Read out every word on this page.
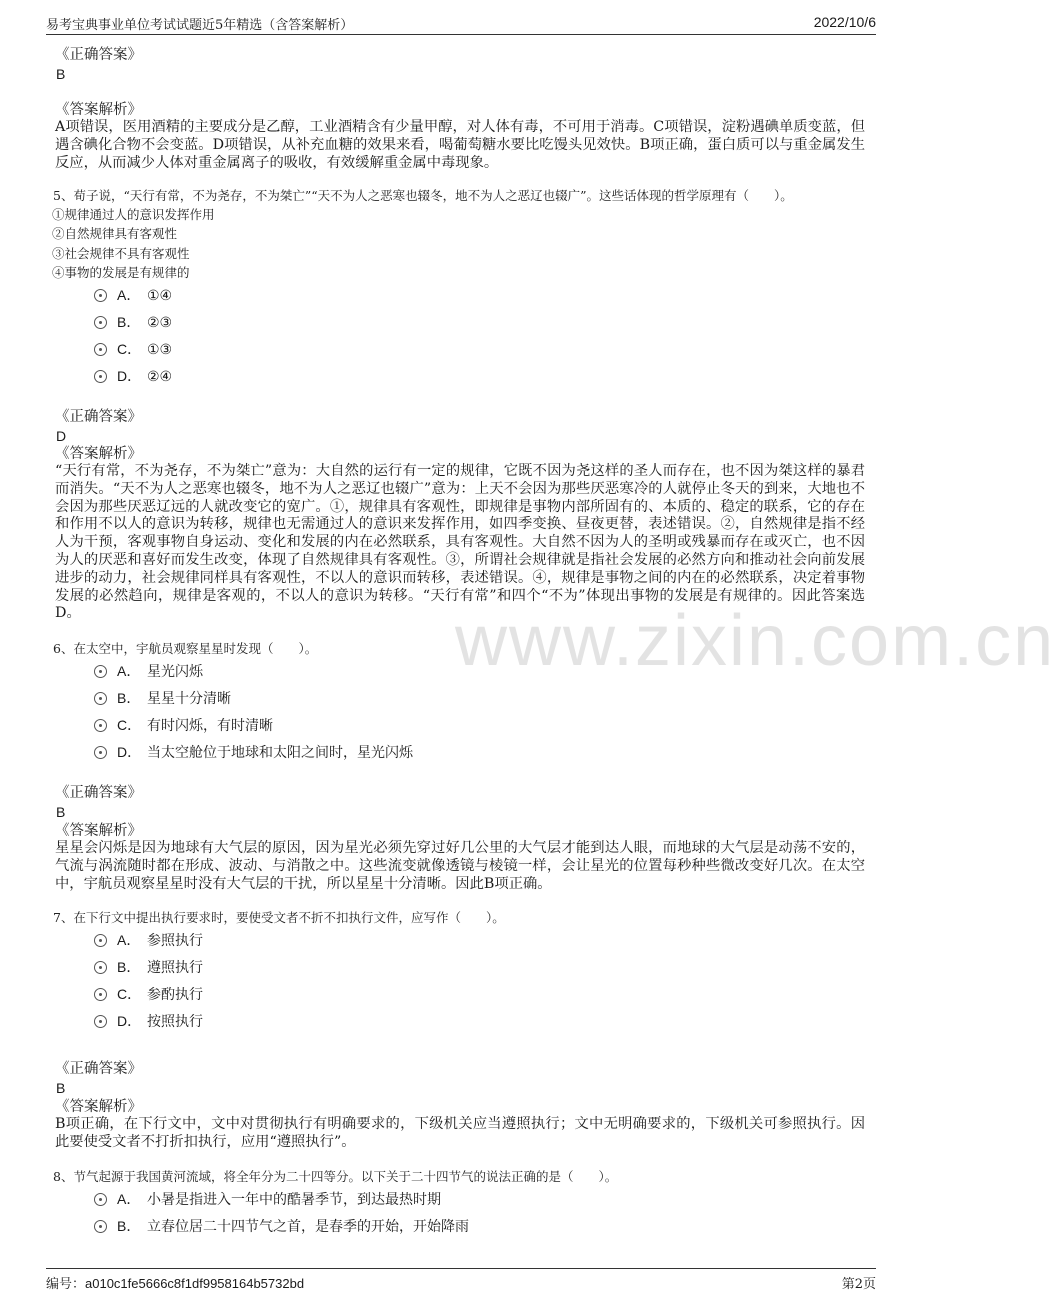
易考宝典事业单位考试试题近5年精选（含答案解析）	2022/10/6
www.zixin.com.cn
《正确答案》
B
《答案解析》
A项错误，医用酒精的主要成分是乙醇，工业酒精含有少量甲醇，对人体有毒，不可用于消毒。C项错误，淀粉遇碘单质变蓝，但遇含碘化合物不会变蓝。D项错误，从补充血糖的效果来看，喝葡萄糖水要比吃馒头见效快。B项正确，蛋白质可以与重金属发生反应，从而减少人体对重金属离子的吸收，有效缓解重金属中毒现象。
5、荀子说，“天行有常，不为尧存，不为桀亡”“天不为人之恶寒也辍冬，地不为人之恶辽也辍广”。这些话体现的哲学原理有（　　）。
①规律通过人的意识发挥作用
②自然规律具有客观性
③社会规律不具有客观性
④事物的发展是有规律的
A． ①④
B． ②③
C． ①③
D． ②④
《正确答案》
D
《答案解析》
“天行有常，不为尧存，不为桀亡”意为：大自然的运行有一定的规律，它既不因为尧这样的圣人而存在，也不因为桀这样的暴君而消失。“天不为人之恶寒也辍冬，地不为人之恶辽也辍广”意为：上天不会因为那些厌恶寒冷的人就停止冬天的到来，大地也不会因为那些厌恶辽远的人就改变它的宽广。①，规律具有客观性，即规律是事物内部所固有的、本质的、稳定的联系，它的存在和作用不以人的意识为转移，规律也无需通过人的意识来发挥作用，如四季变换、昼夜更替，表述错误。②，自然规律是指不经人为干预，客观事物自身运动、变化和发展的内在必然联系，具有客观性。大自然不因为人的圣明或残暴而存在或灭亡，也不因为人的厌恶和喜好而发生改变，体现了自然规律具有客观性。③，所谓社会规律就是指社会发展的必然方向和推动社会向前发展进步的动力，社会规律同样具有客观性，不以人的意识而转移，表述错误。④，规律是事物之间的内在的必然联系，决定着事物发展的必然趋向，规律是客观的，不以人的意识为转移。“天行有常”和四个“不为”体现出事物的发展是有规律的。因此答案选D。
6、在太空中，宇航员观察星星时发现（　　）。
A． 星光闪烁
B． 星星十分清晰
C． 有时闪烁，有时清晰
D． 当太空舱位于地球和太阳之间时，星光闪烁
《正确答案》
B
《答案解析》
星星会闪烁是因为地球有大气层的原因，因为星光必须先穿过好几公里的大气层才能到达人眼，而地球的大气层是动荡不安的，气流与涡流随时都在形成、波动、与消散之中。这些流变就像透镜与棱镜一样，会让星光的位置每秒种些微改变好几次。在太空中，宇航员观察星星时没有大气层的干扰，所以星星十分清晰。因此B项正确。
7、在下行文中提出执行要求时，要使受文者不折不扣执行文件，应写作（　　）。
A． 参照执行
B． 遵照执行
C． 参酌执行
D． 按照执行
《正确答案》
B
《答案解析》
B项正确，在下行文中，文中对贯彻执行有明确要求的，下级机关应当遵照执行；文中无明确要求的，下级机关可参照执行。因此要使受文者不打折扣执行，应用“遵照执行”。
8、节气起源于我国黄河流域，将全年分为二十四等分。以下关于二十四节气的说法正确的是（　　）。
A． 小暑是指进入一年中的酷暑季节，到达最热时期
B． 立春位居二十四节气之首，是春季的开始，开始降雨
编号：a010c1fe5666c8f1df9958164b5732bd	第2页
